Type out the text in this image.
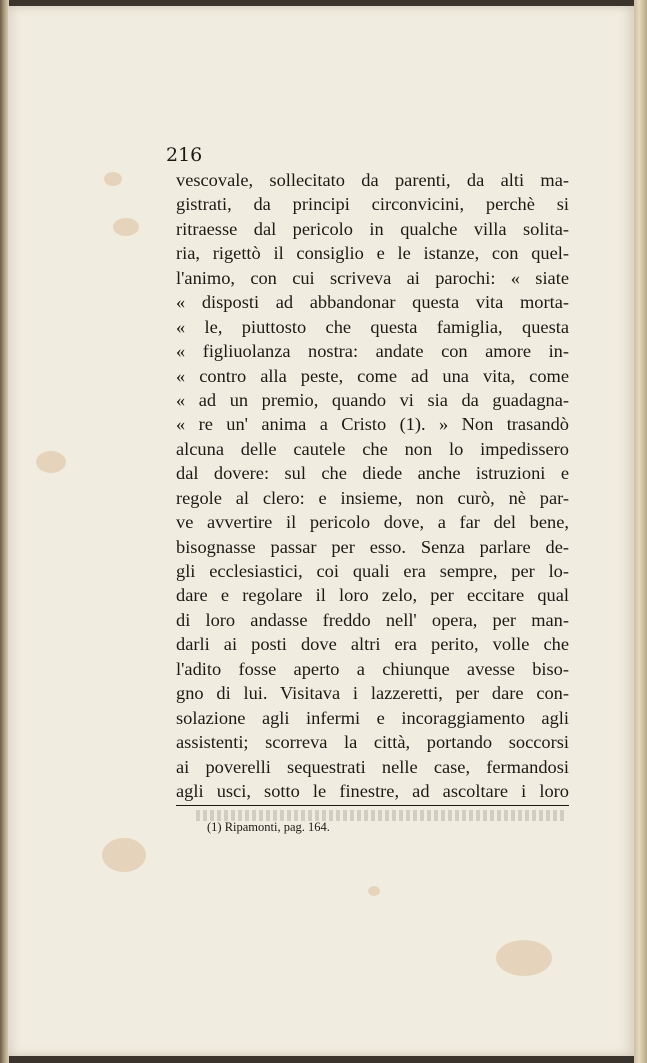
216

vescovale, sollecitato da parenti, da alti ma-
gistrati, da principi circonvicini, perchè si
ritraesse dal pericolo in qualche villa solita-
ria, rigettò il consiglio e le istanze, con quel-
l'animo, con cui scriveva ai parochi: « siate
« disposti ad abbandonar questa vita morta-
« le, piuttosto che questa famiglia, questa
« figliuolanza nostra: andate con amore in-
« contro alla peste, come ad una vita, come
« ad un premio, quando vi sia da guadagna-
« re un' anima a Cristo (1). » Non trasandò
alcuna delle cautele che non lo impedissero
dal dovere: sul che diede anche istruzioni e
regole al clero: e insieme, non curò, nè par-
ve avvertire il pericolo dove, a far del bene,
bisognasse passar per esso. Senza parlare de-
gli ecclesiastici, coi quali era sempre, per lo-
dare e regolare il loro zelo, per eccitare qual
di loro andasse freddo nell' opera, per man-
darli ai posti dove altri era perito, volle che
l'adito fosse aperto a chiunque avesse biso-
gno di lui. Visitava i lazzeretti, per dare con-
solazione agli infermi e incoraggiamento agli
assistenti; scorreva la città, portando soccorsi
ai poverelli sequestrati nelle case, fermandosi
agli usci, sotto le finestre, ad ascoltare i loro

(1) Ripamonti, pag. 164.
